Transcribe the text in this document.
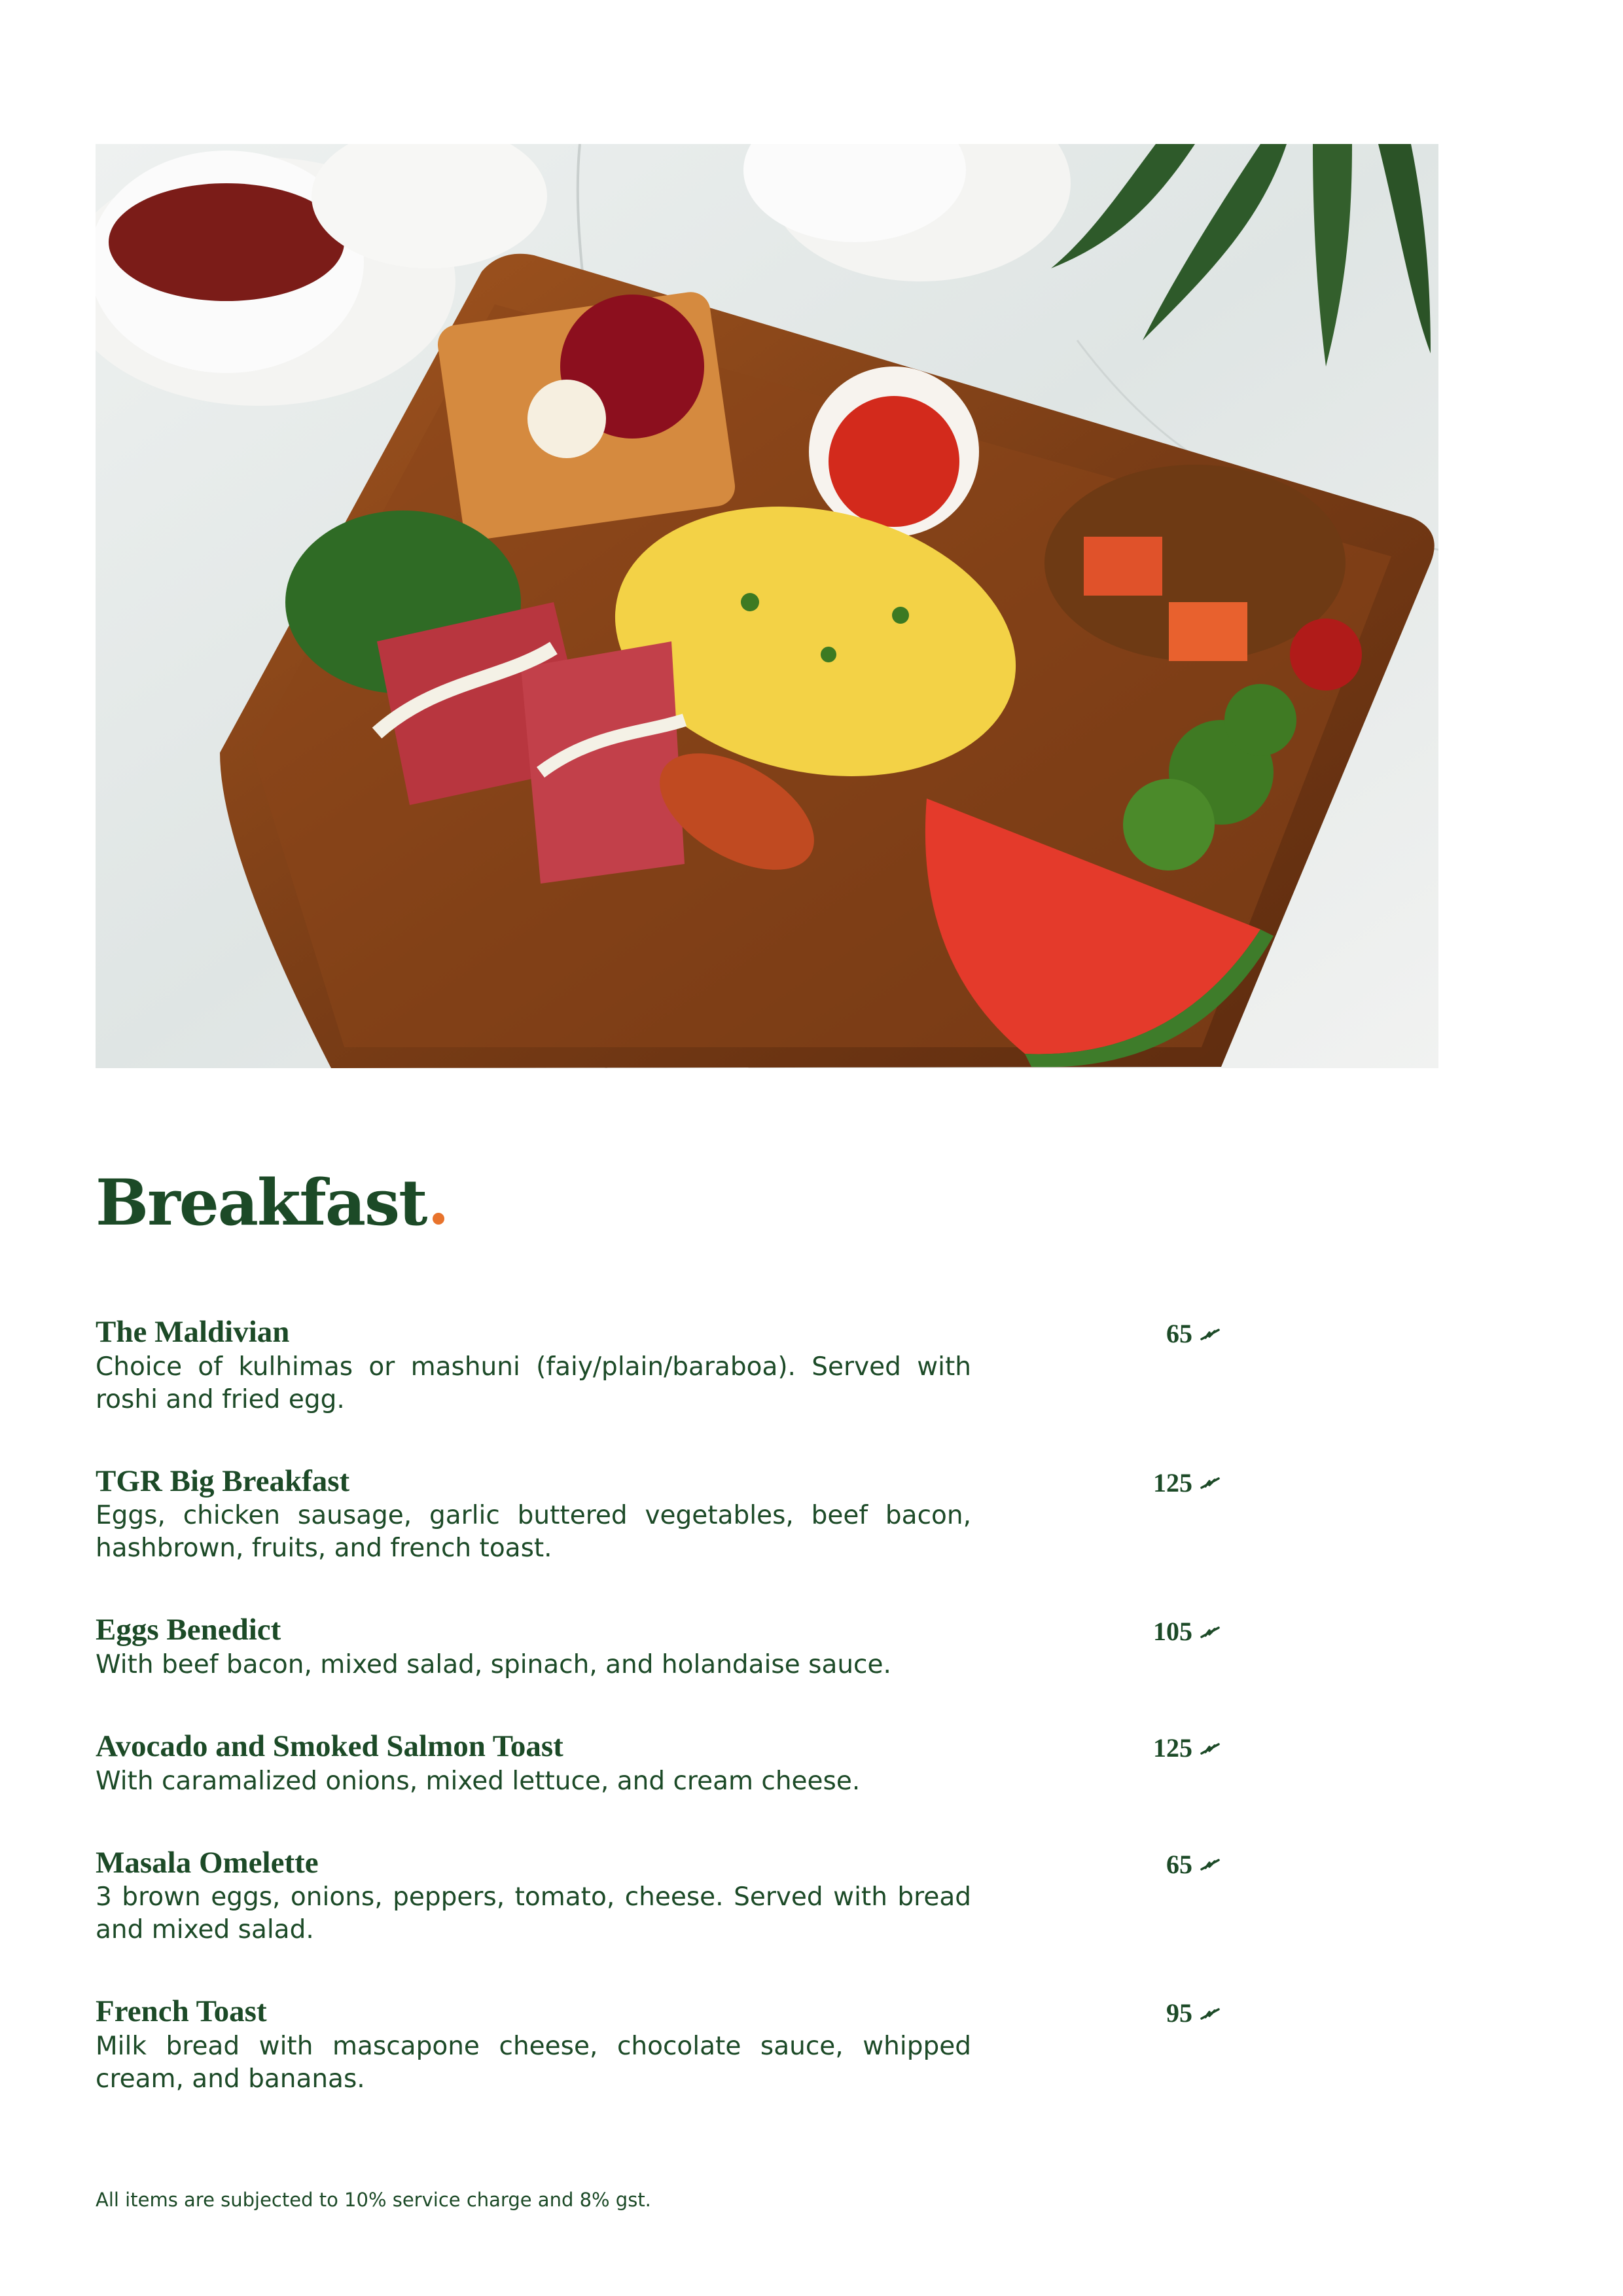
Breakfast
The Maldivian
Choice of kulhimas or mashuni (faiy/plain/baraboa). Served with roshi and fried egg.
65
TGR Big Breakfast
Eggs, chicken sausage, garlic buttered vegetables, beef bacon, hashbrown, fruits, and french toast.
125
Eggs Benedict
With beef bacon, mixed salad, spinach, and holandaise sauce.
105
Avocado and Smoked Salmon Toast
With caramalized onions, mixed lettuce, and cream cheese.
125
Masala Omelette
3 brown eggs, onions, peppers, tomato, cheese. Served with bread and mixed salad.
65
French Toast
Milk bread with mascapone cheese, chocolate sauce, whipped cream, and bananas.
95
All items are subjected to 10% service charge and 8% gst.
